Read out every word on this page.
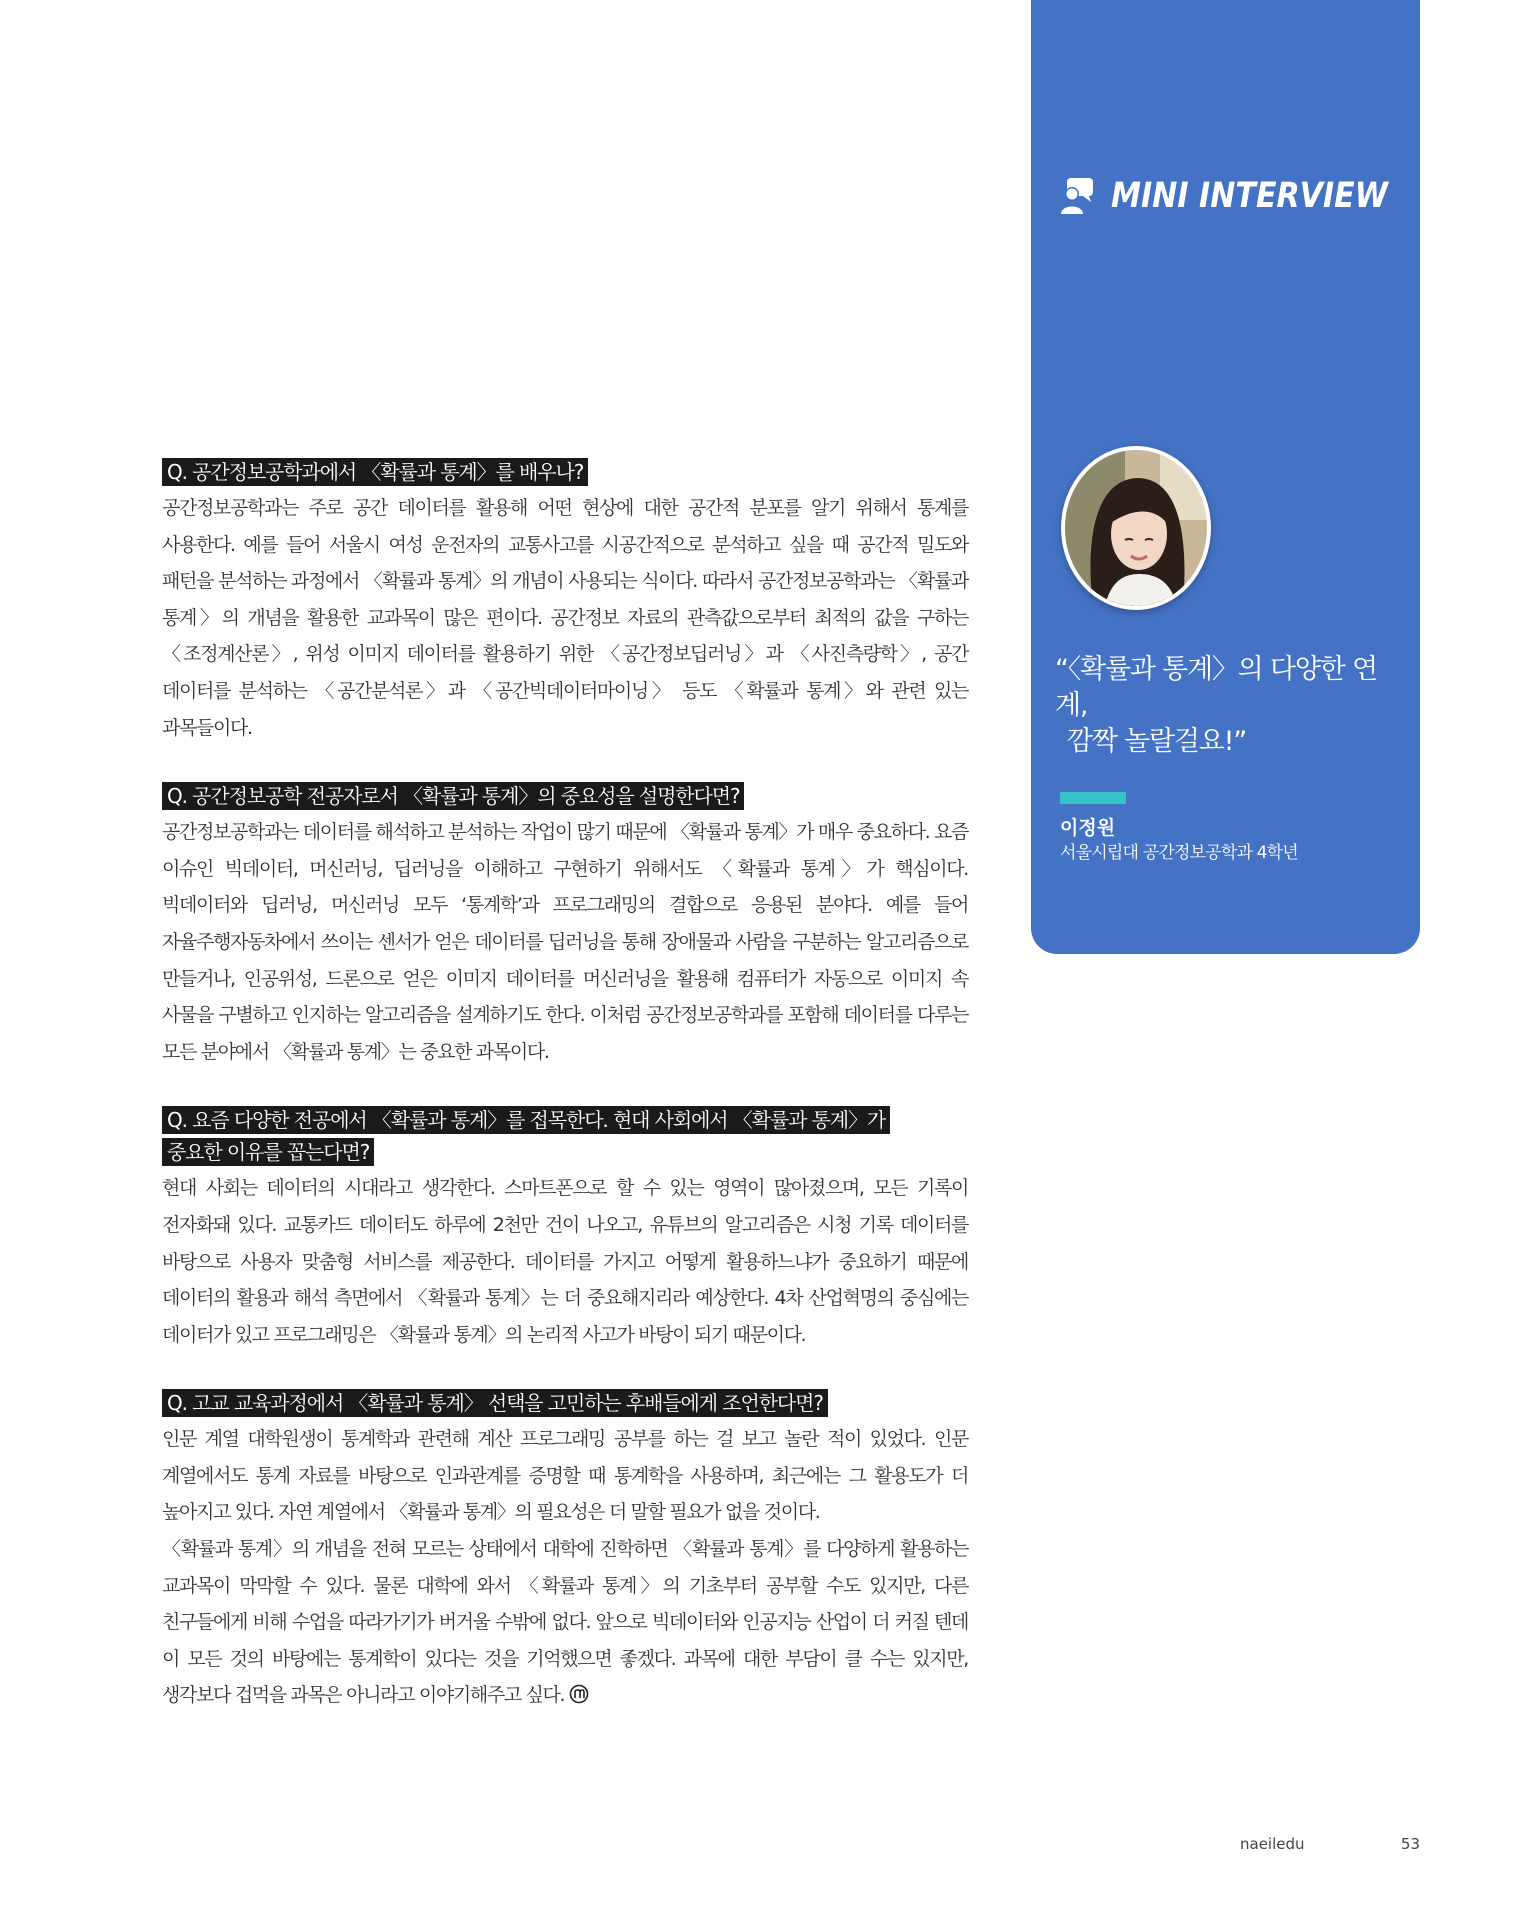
MINI INTERVIEW
“〈확률과 통계〉의 다양한 연계,
깜짝 놀랄걸요!”
이정원
서울시립대 공간정보공학과 4학년
Q. 공간정보공학과에서 〈확률과 통계〉를 배우나?

공간정보공학과는 주로 공간 데이터를 활용해 어떤 현상에 대한 공간적 분포를 알기 위해서 통계를 사용한다. 예를 들어 서울시 여성 운전자의 교통사고를 시공간적으로 분석하고 싶을 때 공간적 밀도와 패턴을 분석하는 과정에서 〈확률과 통계〉의 개념이 사용되는 식이다. 따라서 공간정보공학과는 〈확률과 통계〉의 개념을 활용한 교과목이 많은 편이다. 공간정보 자료의 관측값으로부터 최적의 값을 구하는 〈조정계산론〉, 위성 이미지 데이터를 활용하기 위한 〈공간정보딥러닝〉과 〈사진측량학〉, 공간 데이터를 분석하는 〈공간분석론〉과 〈공간빅데이터마이닝〉 등도 〈확률과 통계〉와 관련 있는 과목들이다.

Q. 공간정보공학 전공자로서 〈확률과 통계〉의 중요성을 설명한다면?

공간정보공학과는 데이터를 해석하고 분석하는 작업이 많기 때문에 〈확률과 통계〉가 매우 중요하다. 요즘 이슈인 빅데이터, 머신러닝, 딥러닝을 이해하고 구현하기 위해서도 〈확률과 통계〉가 핵심이다. 빅데이터와 딥러닝, 머신러닝 모두 ‘통계학’과 프로그래밍의 결합으로 응용된 분야다. 예를 들어 자율주행자동차에서 쓰이는 센서가 얻은 데이터를 딥러닝을 통해 장애물과 사람을 구분하는 알고리즘으로 만들거나, 인공위성, 드론으로 얻은 이미지 데이터를 머신러닝을 활용해 컴퓨터가 자동으로 이미지 속 사물을 구별하고 인지하는 알고리즘을 설계하기도 한다. 이처럼 공간정보공학과를 포함해 데이터를 다루는 모든 분야에서 〈확률과 통계〉는 중요한 과목이다.

Q. 요즘 다양한 전공에서 〈확률과 통계〉를 접목한다. 현대 사회에서 〈확률과 통계〉가
중요한 이유를 꼽는다면?

현대 사회는 데이터의 시대라고 생각한다. 스마트폰으로 할 수 있는 영역이 많아졌으며, 모든 기록이 전자화돼 있다. 교통카드 데이터도 하루에 2천만 건이 나오고, 유튜브의 알고리즘은 시청 기록 데이터를 바탕으로 사용자 맞춤형 서비스를 제공한다. 데이터를 가지고 어떻게 활용하느냐가 중요하기 때문에 데이터의 활용과 해석 측면에서 〈확률과 통계〉는 더 중요해지리라 예상한다. 4차 산업혁명의 중심에는 데이터가 있고 프로그래밍은 〈확률과 통계〉의 논리적 사고가 바탕이 되기 때문이다.

Q. 고교 교육과정에서 〈확률과 통계〉 선택을 고민하는 후배들에게 조언한다면?

인문 계열 대학원생이 통계학과 관련해 계산 프로그래밍 공부를 하는 걸 보고 놀란 적이 있었다. 인문 계열에서도 통계 자료를 바탕으로 인과관계를 증명할 때 통계학을 사용하며, 최근에는 그 활용도가 더 높아지고 있다. 자연 계열에서 〈확률과 통계〉의 필요성은 더 말할 필요가 없을 것이다.

〈확률과 통계〉의 개념을 전혀 모르는 상태에서 대학에 진학하면 〈확률과 통계〉를 다양하게 활용하는 교과목이 막막할 수 있다. 물론 대학에 와서 〈확률과 통계〉의 기초부터 공부할 수도 있지만, 다른 친구들에게 비해 수업을 따라가기가 버거울 수밖에 없다. 앞으로 빅데이터와 인공지능 산업이 더 커질 텐데 이 모든 것의 바탕에는 통계학이 있다는 것을 기억했으면 좋겠다. 과목에 대한 부담이 클 수는 있지만, 생각보다 겁먹을 과목은 아니라고 이야기해주고 싶다.

naeiledu	53
